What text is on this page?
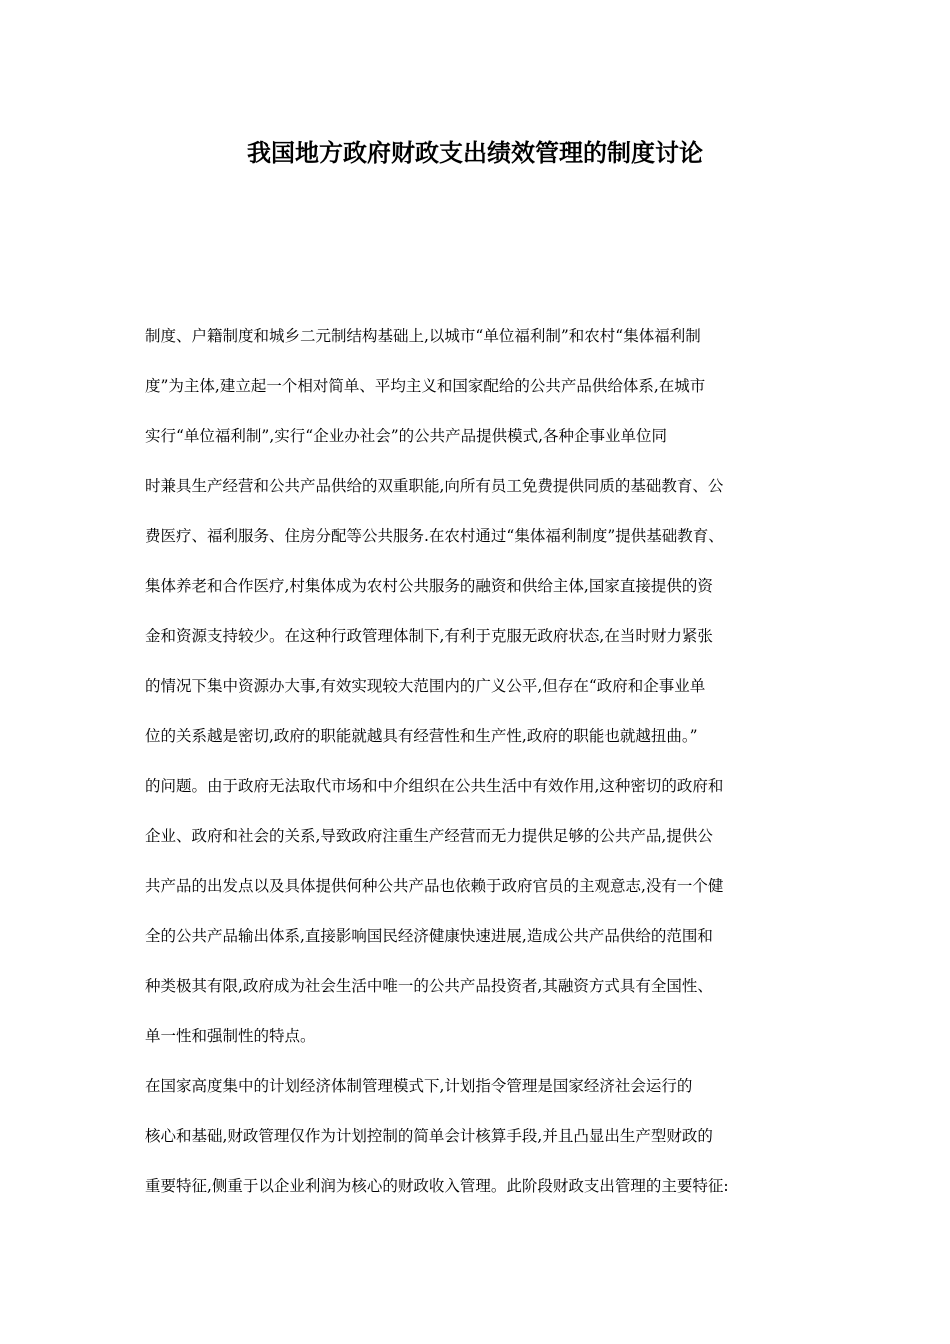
我国地方政府财政支出绩效管理的制度讨论
制度、户籍制度和城乡二元制结构基础上,以城市“单位福利制”和农村“集体福利制
度”为主体,建立起一个相对简单、平均主义和国家配给的公共产品供给体系,在城市
实行“单位福利制”,实行“企业办社会”的公共产品提供模式,各种企事业单位同
时兼具生产经营和公共产品供给的双重职能,向所有员工免费提供同质的基础教育、公
费医疗、福利服务、住房分配等公共服务.在农村通过“集体福利制度”提供基础教育、
集体养老和合作医疗,村集体成为农村公共服务的融资和供给主体,国家直接提供的资
金和资源支持较少。在这种行政管理体制下,有利于克服无政府状态,在当时财力紧张
的情况下集中资源办大事,有效实现较大范围内的广义公平,但存在“政府和企事业单
位的关系越是密切,政府的职能就越具有经营性和生产性,政府的职能也就越扭曲。”
的问题。由于政府无法取代市场和中介组织在公共生活中有效作用,这种密切的政府和
企业、政府和社会的关系,导致政府注重生产经营而无力提供足够的公共产品,提供公
共产品的出发点以及具体提供何种公共产品也依赖于政府官员的主观意志,没有一个健
全的公共产品输出体系,直接影响国民经济健康快速进展,造成公共产品供给的范围和
种类极其有限,政府成为社会生活中唯一的公共产品投资者,其融资方式具有全国性、
单一性和强制性的特点。
在国家高度集中的计划经济体制管理模式下,计划指令管理是国家经济社会运行的
核心和基础,财政管理仅作为计划控制的简单会计核算手段,并且凸显出生产型财政的
重要特征,侧重于以企业利润为核心的财政收入管理。此阶段财政支出管理的主要特征:
